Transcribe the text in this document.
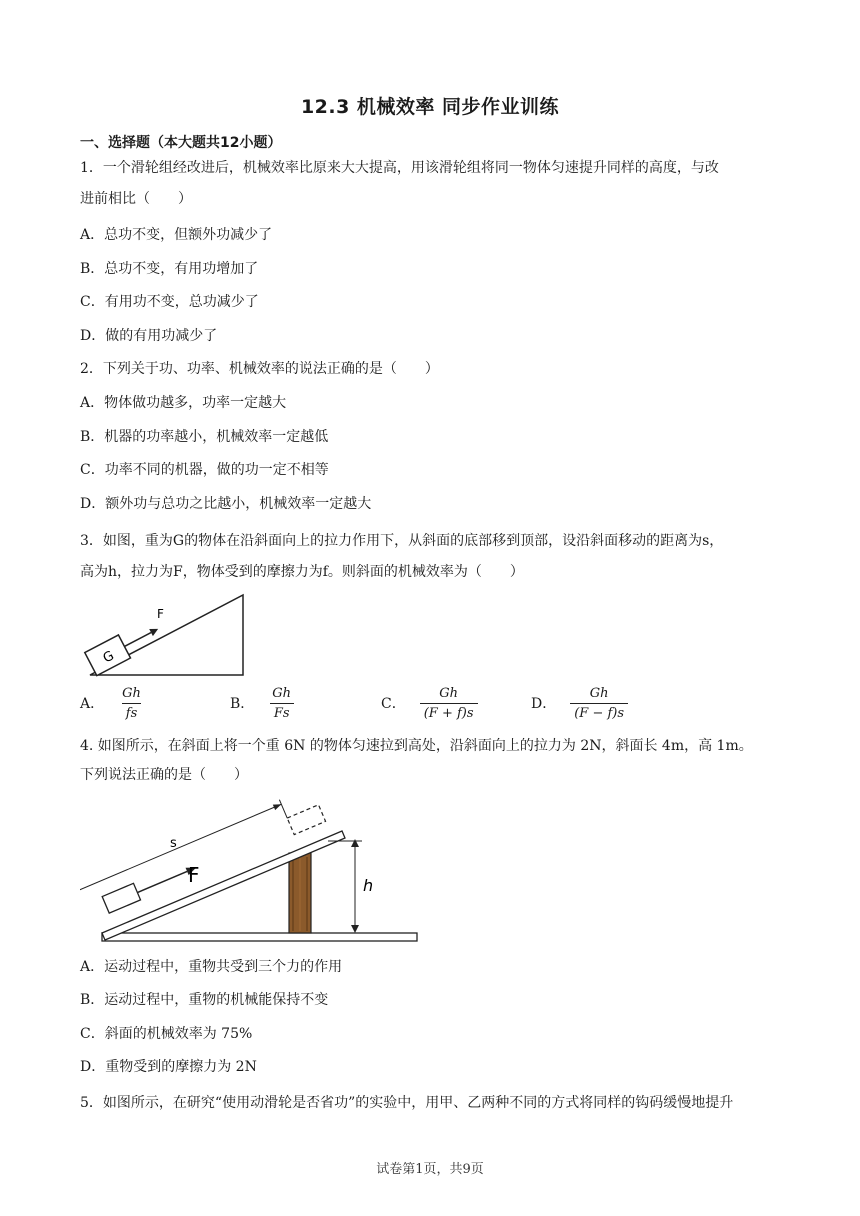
12.3 机械效率 同步作业训练
一、选择题（本大题共12小题）
1．一个滑轮组经改进后，机械效率比原来大大提高，用该滑轮组将同一物体匀速提升同样的高度，与改
进前相比（　　）
A．总功不变，但额外功减少了
B．总功不变，有用功增加了
C．有用功不变，总功减少了
D．做的有用功减少了
2．下列关于功、功率、机械效率的说法正确的是（　　）
A．物体做功越多，功率一定越大
B．机器的功率越小，机械效率一定越低
C．功率不同的机器，做的功一定不相等
D．额外功与总功之比越小，机械效率一定越大
3．如图，重为G的物体在沿斜面向上的拉力作用下，从斜面的底部移到顶部，设沿斜面移动的距离为s，
高为h，拉力为F，物体受到的摩擦力为f。则斜面的机械效率为（　　）
G
F
A． $\frac{Gh}{fs}$	B． $\frac{Gh}{Fs}$	C． $\frac{Gh}{(F + f)s}$	D． $\frac{Gh}{(F - f)s}$
4. 如图所示，在斜面上将一个重 6N 的物体匀速拉到高处，沿斜面向上的拉力为 2N，斜面长 4m，高 1m。
下列说法正确的是（　　）
h
s
F
A．运动过程中，重物共受到三个力的作用
B．运动过程中，重物的机械能保持不变
C．斜面的机械效率为 75%
D．重物受到的摩擦力为 2N
5．如图所示，在研究“使用动滑轮是否省功”的实验中，用甲、乙两种不同的方式将同样的钩码缓慢地提升
试卷第1页，共9页
